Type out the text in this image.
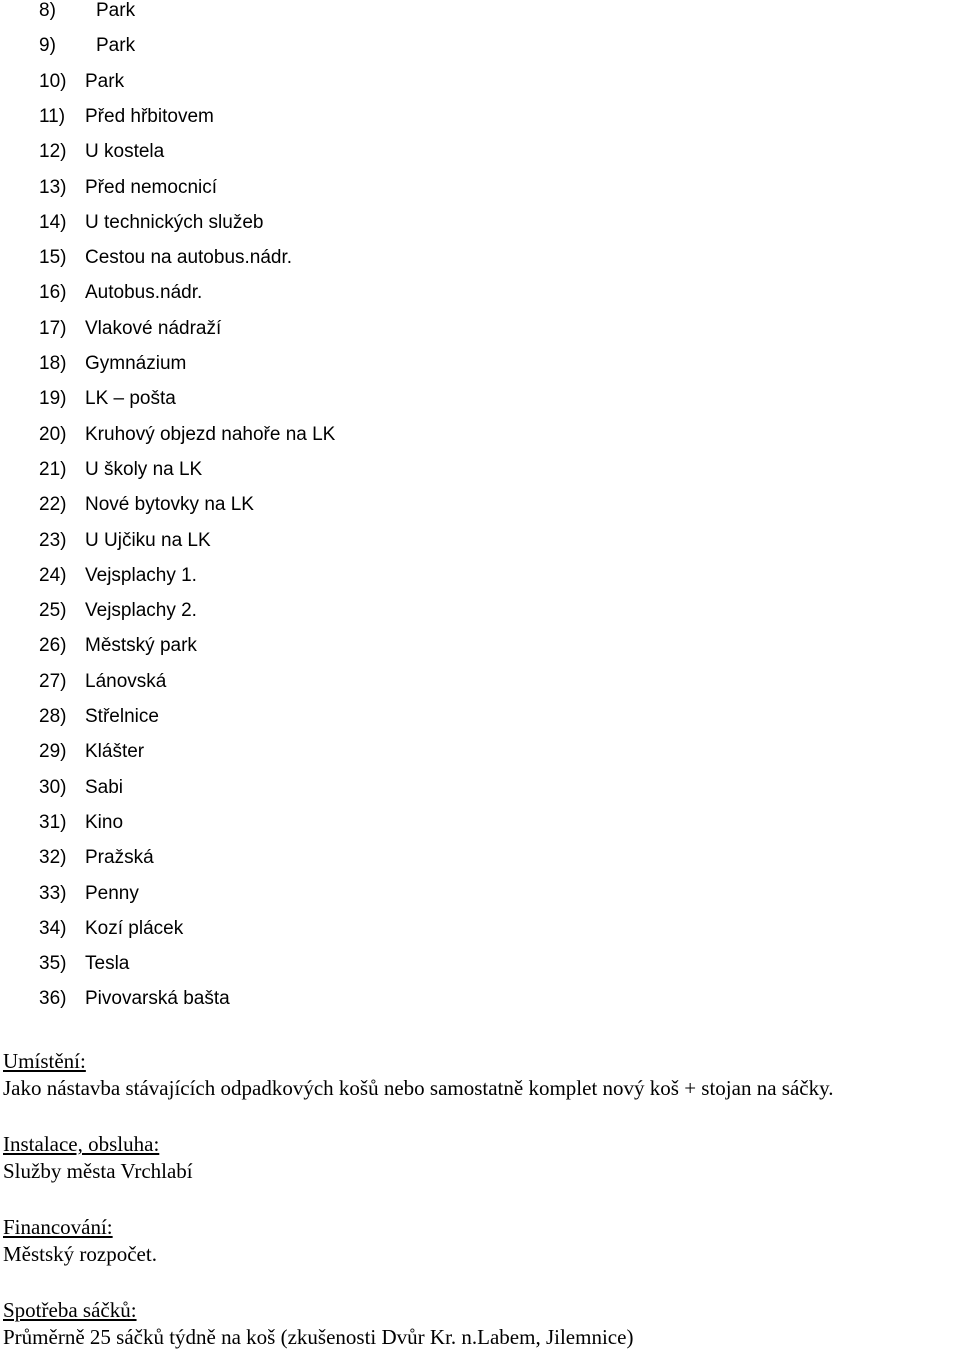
8) Park
9) Park
10) Park
11) Před hřbitovem
12) U kostela
13) Před nemocnicí
14) U technických služeb
15) Cestou na autobus.nádr.
16) Autobus.nádr.
17) Vlakové nádraží
18) Gymnázium
19) LK – pošta
20) Kruhový objezd nahoře na LK
21) U školy na LK
22) Nové bytovky na LK
23) U Ujčiku na LK
24) Vejsplachy 1.
25) Vejsplachy 2.
26) Městský park
27) Lánovská
28) Střelnice
29) Klášter
30) Sabi
31) Kino
32) Pražská
33) Penny
34) Kozí plácek
35) Tesla
36) Pivovarská bašta
Umístění:
Jako nástavba stávajících odpadkových košů nebo samostatně komplet nový koš + stojan na sáčky.
Instalace, obsluha:
Služby města Vrchlabí
Financování:
Městský rozpočet.
Spotřeba sáčků:
Průměrně 25 sáčků týdně na koš (zkušenosti Dvůr Kr. n.Labem, Jilemnice)
